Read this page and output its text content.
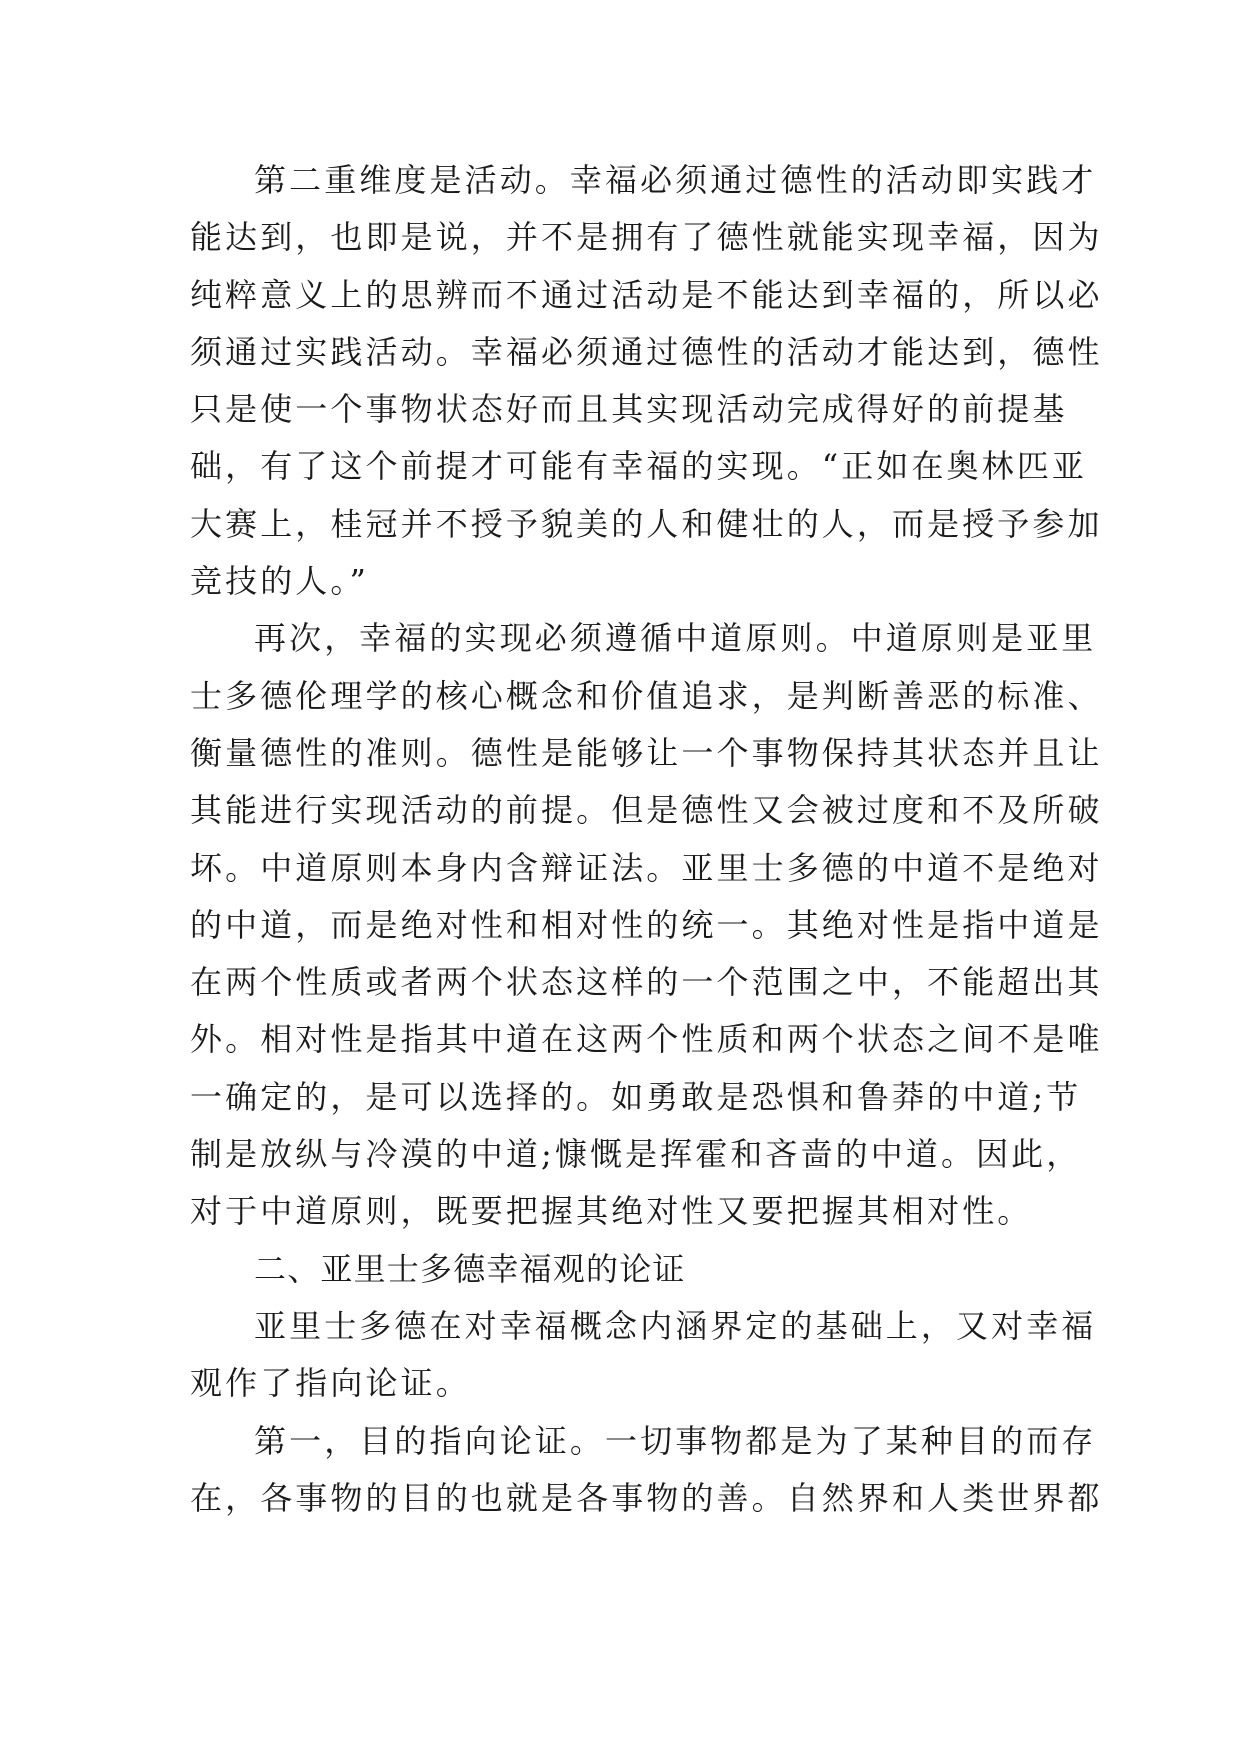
第二重维度是活动。幸福必须通过德性的活动即实践才
能达到，也即是说，并不是拥有了德性就能实现幸福，因为
纯粹意义上的思辨而不通过活动是不能达到幸福的，所以必
须通过实践活动。幸福必须通过德性的活动才能达到，德性
只是使一个事物状态好而且其实现活动完成得好的前提基
础，有了这个前提才可能有幸福的实现。“正如在奥林匹亚
大赛上，桂冠并不授予貌美的人和健壮的人，而是授予参加
竞技的人。”
再次，幸福的实现必须遵循中道原则。中道原则是亚里
士多德伦理学的核心概念和价值追求，是判断善恶的标准、
衡量德性的准则。德性是能够让一个事物保持其状态并且让
其能进行实现活动的前提。但是德性又会被过度和不及所破
坏。中道原则本身内含辩证法。亚里士多德的中道不是绝对
的中道，而是绝对性和相对性的统一。其绝对性是指中道是
在两个性质或者两个状态这样的一个范围之中，不能超出其
外。相对性是指其中道在这两个性质和两个状态之间不是唯
一确定的，是可以选择的。如勇敢是恐惧和鲁莽的中道;节
制是放纵与冷漠的中道;慷慨是挥霍和吝啬的中道。因此，
对于中道原则，既要把握其绝对性又要把握其相对性。
二、亚里士多德幸福观的论证
亚里士多德在对幸福概念内涵界定的基础上，又对幸福
观作了指向论证。
第一，目的指向论证。一切事物都是为了某种目的而存
在，各事物的目的也就是各事物的善。自然界和人类世界都
